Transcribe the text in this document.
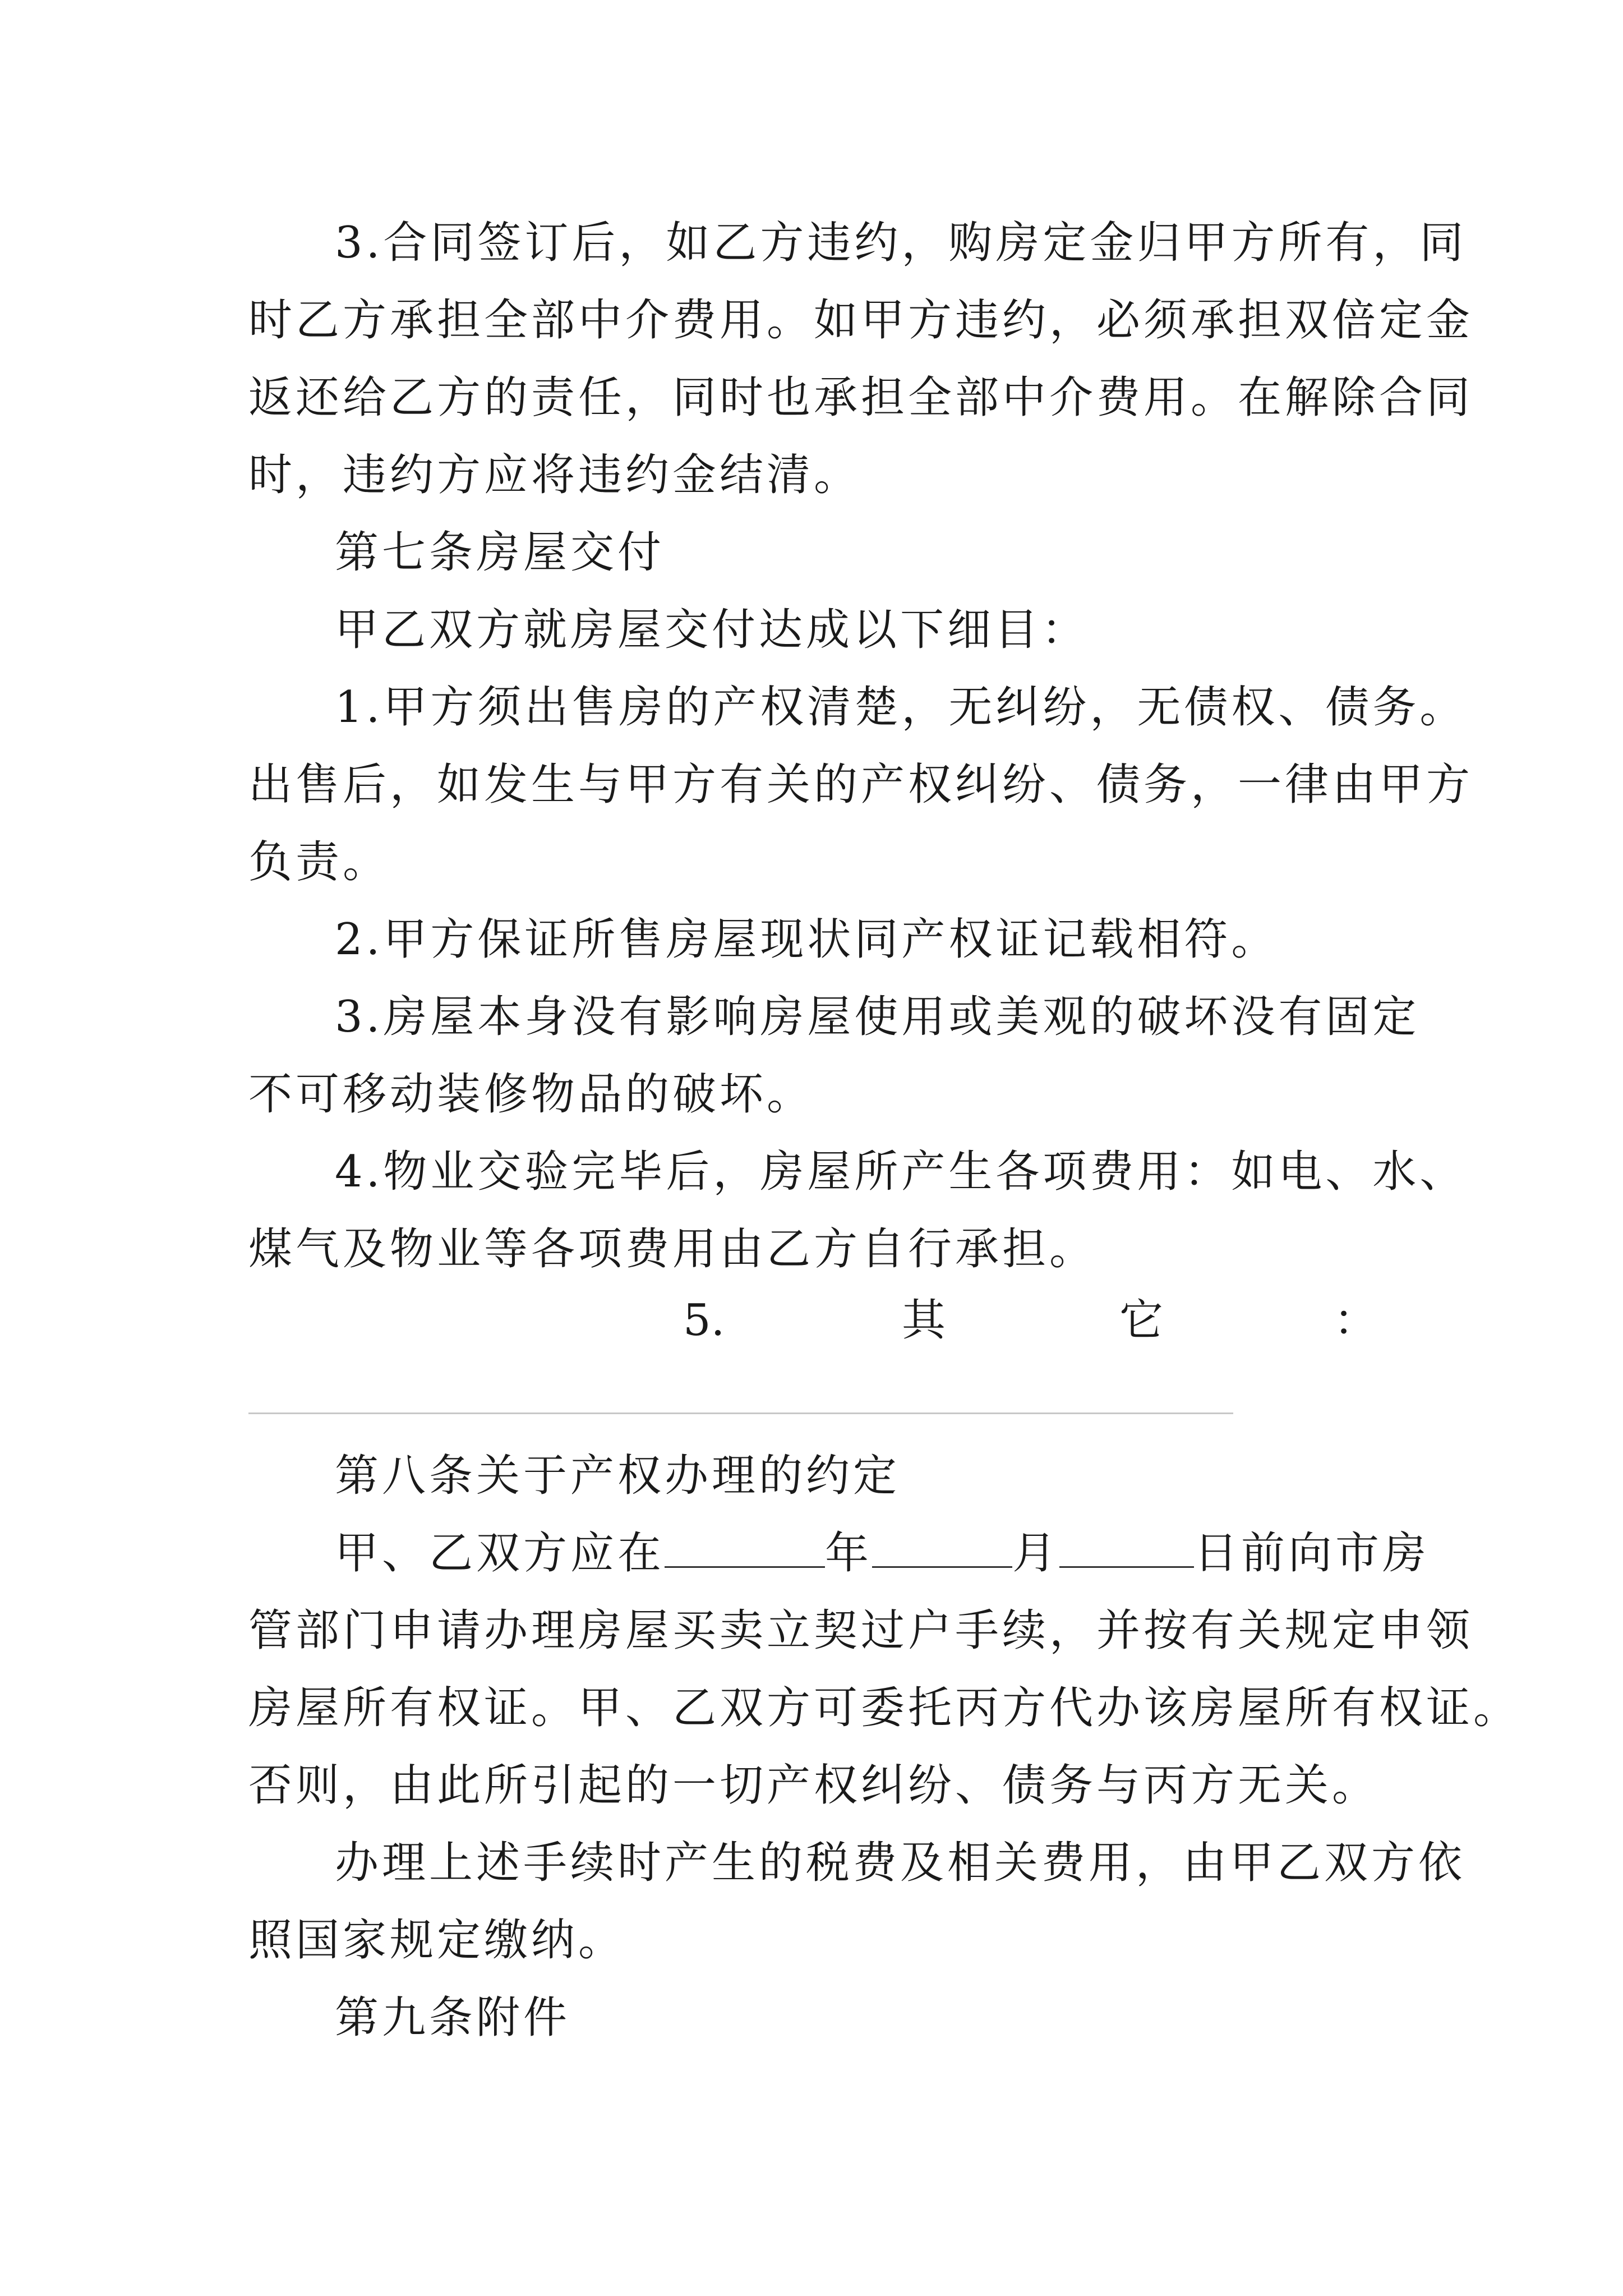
3.合同签订后，如乙方违约，购房定金归甲方所有，同
时乙方承担全部中介费用。如甲方违约，必须承担双倍定金
返还给乙方的责任，同时也承担全部中介费用。在解除合同
时，违约方应将违约金结清。
第七条房屋交付
甲乙双方就房屋交付达成以下细目：
1.甲方须出售房的产权清楚，无纠纷，无债权、债务。
出售后，如发生与甲方有关的产权纠纷、债务，一律由甲方
负责。
2.甲方保证所售房屋现状同产权证记载相符。
3.房屋本身没有影响房屋使用或美观的破坏没有固定
不可移动装修物品的破坏。
4.物业交验完毕后，房屋所产生各项费用：如电、水、
煤气及物业等各项费用由乙方自行承担。
5.	其	它	：
第八条关于产权办理的约定
甲、乙双方应在	年	月	日前向市房
管部门申请办理房屋买卖立契过户手续，并按有关规定申领
房屋所有权证。甲、乙双方可委托丙方代办该房屋所有权证。
否则，由此所引起的一切产权纠纷、债务与丙方无关。
办理上述手续时产生的税费及相关费用，由甲乙双方依
照国家规定缴纳。
第九条附件
